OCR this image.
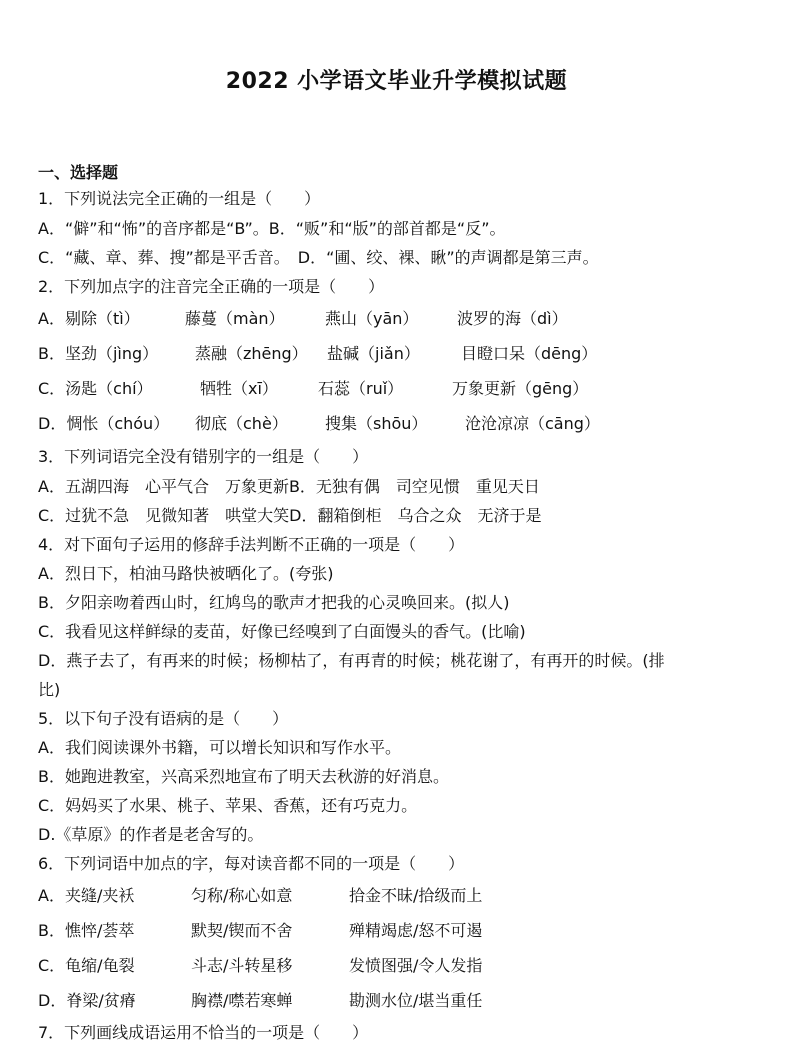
2022 小学语文毕业升学模拟试题
一、选择题
1．下列说法完全正确的一组是（　　）
A．“僻”和“怖”的音序都是“B”。B．“贩”和“版”的部首都是“反”。
C．“藏、章、葬、搜”都是平舌音。　D．“圃、绞、裸、瞅”的声调都是第三声。
2．下列加点字的注音完全正确的一项是（　　）
A．剔除（tì）	藤蔓（màn）	燕山（yān） 波罗的海（dì）
B．坚劲（jìng） 蒸融（zhēng） 盐碱（jiǎn）	目瞪口呆（dēng）
C．汤匙（chí）	牺牲（xī）	石蕊（ruǐ）	万象更新（gēng）
D．惆怅（chóu） 彻底（chè） 搜集（shōu） 沧沧凉凉（cāng）
3．下列词语完全没有错别字的一组是（　　）
A．五湖四海　心平气合　万象更新B．无独有偶　司空见惯　重见天日
C．过犹不急　见微知著　哄堂大笑D．翻箱倒柜　乌合之众　无济于是
4．对下面句子运用的修辞手法判断不正确的一项是（　　）
A．烈日下，柏油马路快被晒化了。(夸张)
B．夕阳亲吻着西山时，红鸠鸟的歌声才把我的心灵唤回来。(拟人)
C．我看见这样鲜绿的麦苗，好像已经嗅到了白面馒头的香气。(比喻)
D．燕子去了，有再来的时候；杨柳枯了，有再青的时候；桃花谢了，有再开的时候。(排
比)
5．以下句子没有语病的是（　　）
A．我们阅读课外书籍，可以增长知识和写作水平。
B．她跑进教室，兴高采烈地宣布了明天去秋游的好消息。
C．妈妈买了水果、桃子、苹果、香蕉，还有巧克力。
D.《草原》的作者是老舍写的。
6．下列词语中加点的字，每对读音都不同的一项是（　　）
A．夹缝/夹袄	匀称/称心如意	拾金不昧/拾级而上
B．憔悴/荟萃	默契/锲而不舍	殚精竭虑/怒不可遏
C．龟缩/龟裂	斗志/斗转星移	发愤图强/令人发指
D．脊梁/贫瘠	胸襟/噤若寒蝉	勘测水位/堪当重任
7．下列画线成语运用不恰当的一项是（　　）
